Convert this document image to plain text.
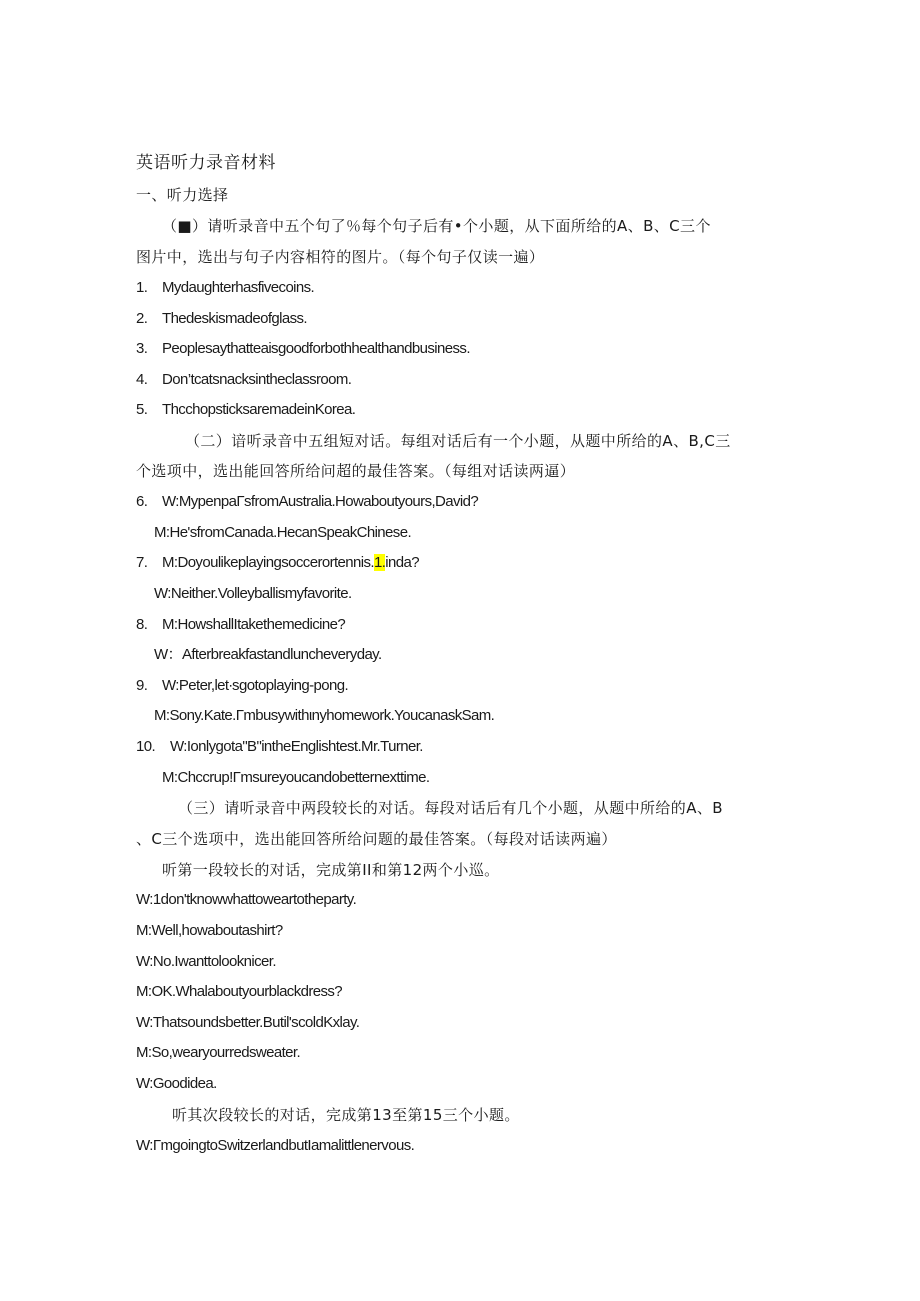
英语听力录音材料
一、听力选择
（■）请听录音中五个句了％每个句子后有•个小题，从下面所给的A、B、C三个
图片中，选出与句子内容相符的图片。（每个句子仅读一遍）
1. Mydaughterhasfivecoins.
2. Thedeskismadeofglass.
3. Peoplesaythatteaisgoodforbothhealthandbusiness.
4. Don’tcatsnacksintheclassroom.
5. ThcchopsticksaremadeinKorea.
（二）谙听录音中五组短对话。每组对话后有一个小题，从题中所给的A、B,C三
个选项中，选出能回答所给问超的最佳答案。（每组对话读两逼）
6. W:MypenpaΓsfromAustralia.Howaboutyours,David?
M:He'sfromCanada.HecanSpeakChinese.
7. M:Doyoulikeplayingsoccerortennis.1.inda?
W:Neither.Volleyballismyfavorite.
8. M:HowshallItakethemedicine?
W：Afterbreakfastandluncheveryday.
9. W:Peter,let∙sgotoplaying-pong.
M:Sony.Kate.Γmbusywithιnyhomework.YoucanaskSam.
10. W:Ionlygota"B"intheEnglishtest.Mr.Turner.
M:Chccrup!Γmsureyoucandobetternexttime.
（三）请听录音中两段较长的对话。每段对话后有几个小题，从题中所给的A、B
、C三个选项中，选出能回答所给问题的最佳答案。（每段对话读两遍）
听第一段较长的对话，完成第II和第12两个小巡。
W:1don'tknowwhattoweartotheparty.
M:Well,howaboutashirt?
W:No.Iwanttolooknicer.
M:OK.Whalaboutyourblackdress?
W:Thatsoundsbetter.Butil'scoldKxlay.
M:So,wearyourredsweater.
W:Goodidea.
听其次段较长的对话，完成第13至第15三个小题。
W:ΓmgoingtoSwitzerlandbutIamalittlenervous.
